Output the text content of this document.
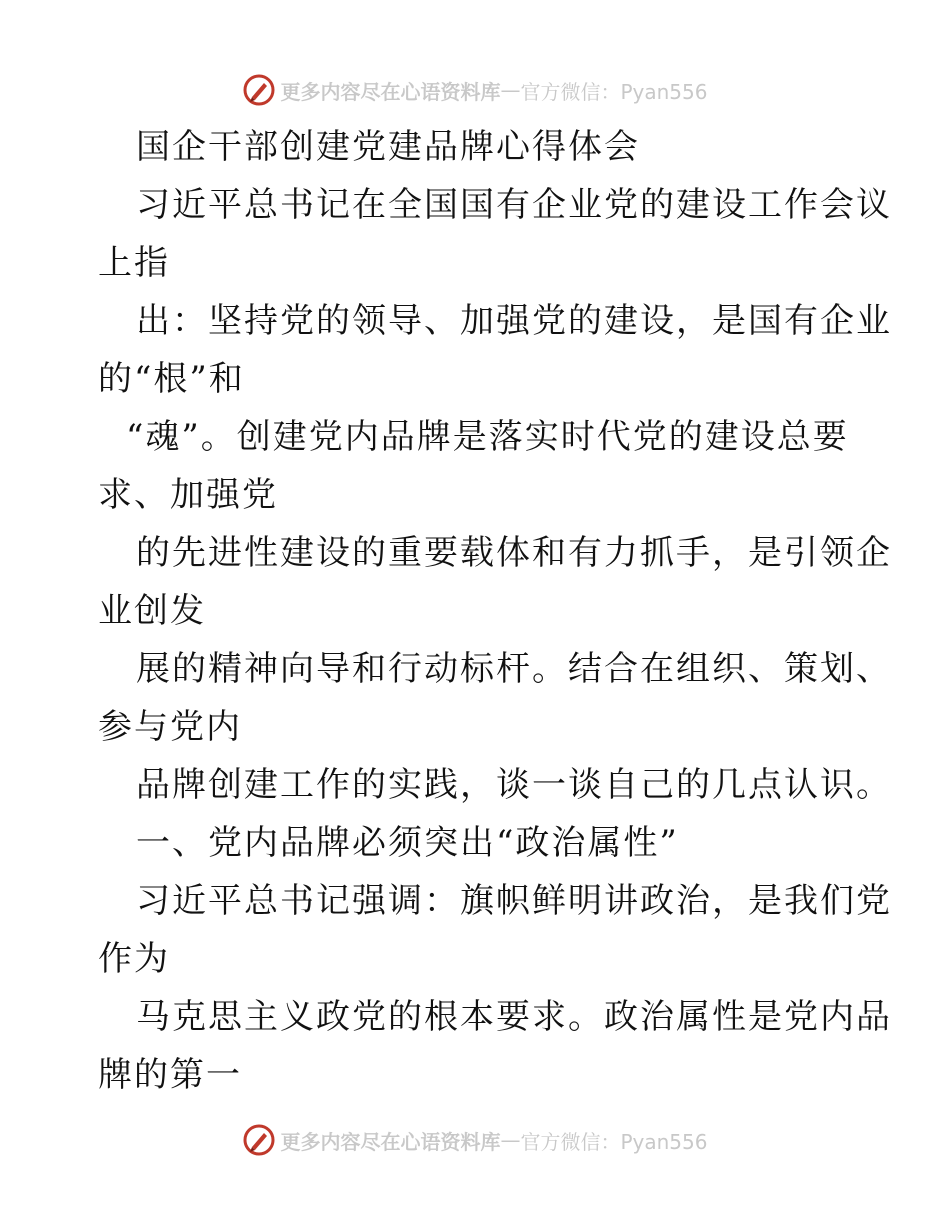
更多内容尽在心语资料库 — 官方微信：Pyan556
国企干部创建党建品牌心得体会
习近平总书记在全国国有企业党的建设工作会议
上指
出：坚持党的领导、加强党的建设，是国有企业
的“根”和
“魂”。创建党内品牌是落实时代党的建设总要
求、加强党
的先进性建设的重要载体和有力抓手，是引领企
业创发
展的精神向导和行动标杆。结合在组织、策划、
参与党内
品牌创建工作的实践，谈一谈自己的几点认识。
一、党内品牌必须突出“政治属性”
习近平总书记强调：旗帜鲜明讲政治，是我们党
作为
马克思主义政党的根本要求。政治属性是党内品
牌的第一
更多内容尽在心语资料库 — 官方微信：Pyan556
